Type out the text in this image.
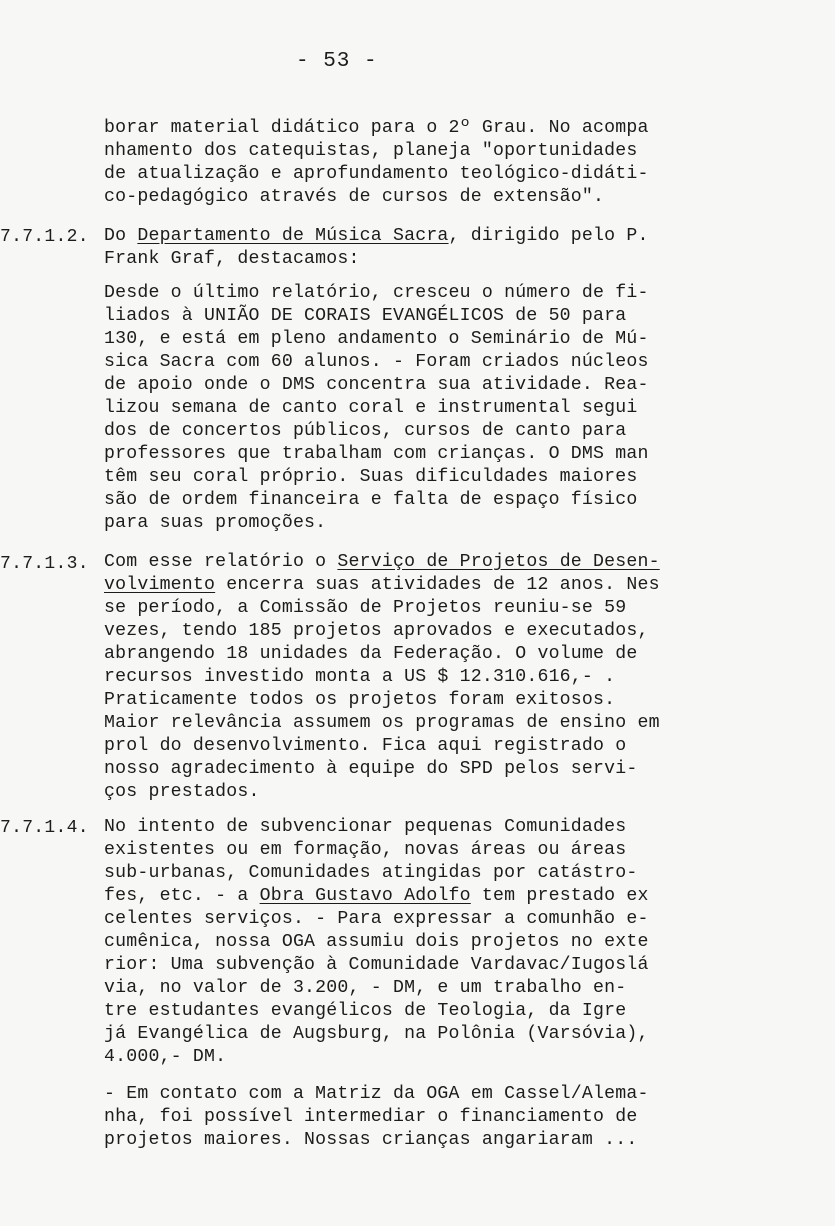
- 53 -
borar material didático para o 2º Grau. No acompa
nhamento dos catequistas, planeja "oportunidades
de atualização e aprofundamento teológico-didáti-
co-pedagógico através de cursos de extensão".
7.7.1.2. Do Departamento de Música Sacra, dirigido pelo P.
Frank Graf, destacamos:
Desde o último relatório, cresceu o número de fi-
liados à UNIÃO DE CORAIS EVANGÉLICOS de 50 para
130, e está em pleno andamento o Seminário de Mú-
sica Sacra com 60 alunos. - Foram criados núcleos
de apoio onde o DMS concentra sua atividade. Rea-
lizou semana de canto coral e instrumental segui
dos de concertos públicos, cursos de canto para
professores que trabalham com crianças. O DMS man
têm seu coral próprio. Suas dificuldades maiores
são de ordem financeira e falta de espaço físico
para suas promoções.
7.7.1.3. Com esse relatório o Serviço de Projetos de Desen-
volvimento encerra suas atividades de 12 anos. Nes
se período, a Comissão de Projetos reuniu-se 59
vezes, tendo 185 projetos aprovados e executados,
abrangendo 18 unidades da Federação. O volume de
recursos investido monta a US $ 12.310.616,- .
Praticamente todos os projetos foram exitosos.
Maior relevância assumem os programas de ensino em
prol do desenvolvimento. Fica aqui registrado o
nosso agradecimento à equipe do SPD pelos servi-
ços prestados.
7.7.1.4. No intento de subvencionar pequenas Comunidades
existentes ou em formação, novas áreas ou áreas
sub-urbanas, Comunidades atingidas por catástro-
fes, etc. - a Obra Gustavo Adolfo tem prestado ex
celentes serviços. - Para expressar a comunhão e-
cumênica, nossa OGA assumiu dois projetos no exte
rior: Uma subvenção à Comunidade Vardavac/Iugoslá
via, no valor de 3.200, - DM, e um trabalho en-
tre estudantes evangélicos de Teologia, da Igre
já Evangélica de Augsburg, na Polônia (Varsóvia),
4.000,- DM.
- Em contato com a Matriz da OGA em Cassel/Alema-
nha, foi possível intermediar o financiamento de
projetos maiores. Nossas crianças angariaram ...
